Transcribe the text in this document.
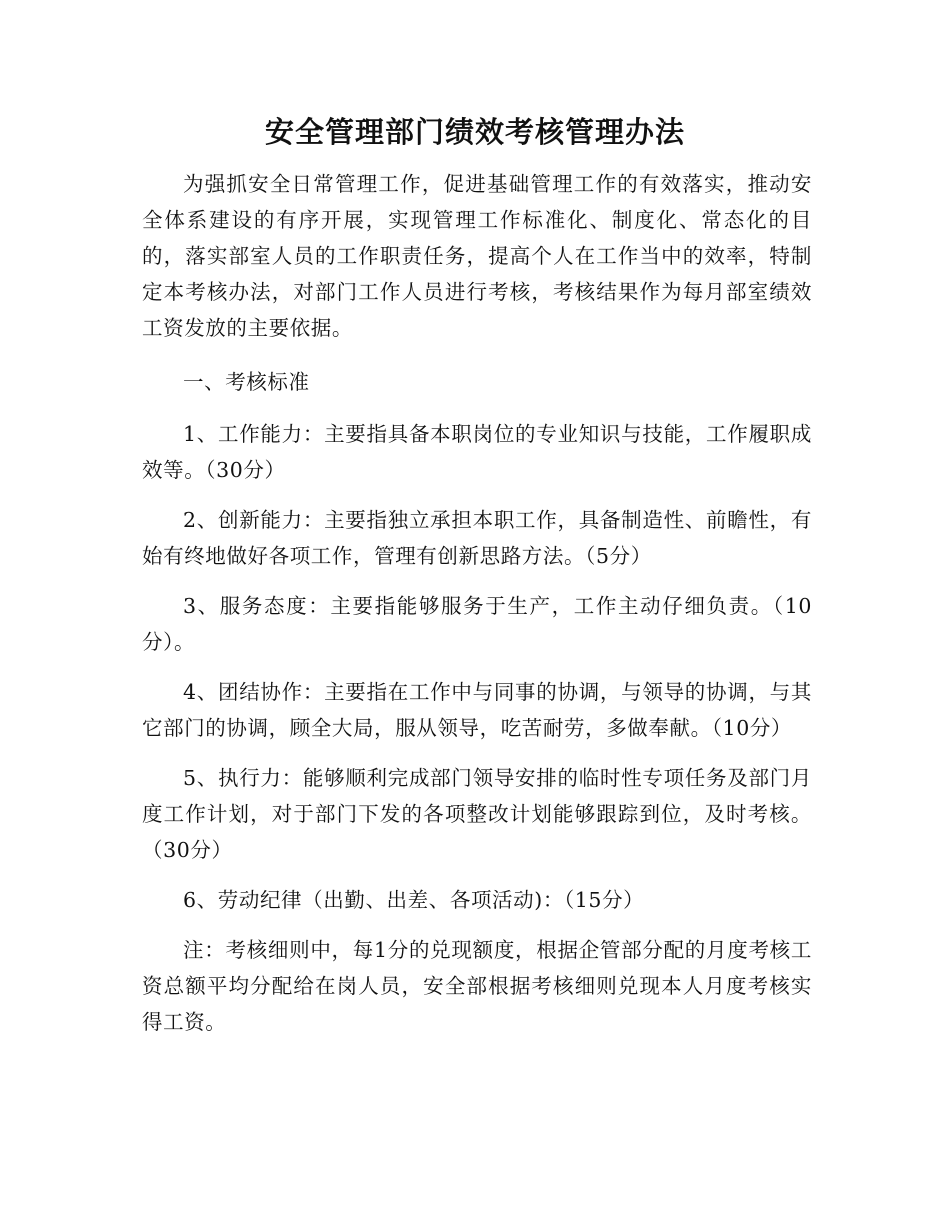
安全管理部门绩效考核管理办法

为强抓安全日常管理工作，促进基础管理工作的有效落实，推动安全体系建设的有序开展，实现管理工作标准化、制度化、常态化的目的，落实部室人员的工作职责任务，提高个人在工作当中的效率，特制定本考核办法，对部门工作人员进行考核，考核结果作为每月部室绩效工资发放的主要依据。

一、考核标准

1、工作能力：主要指具备本职岗位的专业知识与技能，工作履职成效等。（30分）

2、创新能力：主要指独立承担本职工作，具备制造性、前瞻性，有始有终地做好各项工作，管理有创新思路方法。（5分）

3、服务态度：主要指能够服务于生产，工作主动仔细负责。（10分）。

4、团结协作：主要指在工作中与同事的协调，与领导的协调，与其它部门的协调，顾全大局，服从领导，吃苦耐劳，多做奉献。（10分）

5、执行力：能够顺利完成部门领导安排的临时性专项任务及部门月度工作计划，对于部门下发的各项整改计划能够跟踪到位，及时考核。（30分）

6、劳动纪律（出勤、出差、各项活动)：（15分）

注：考核细则中，每1分的兑现额度，根据企管部分配的月度考核工资总额平均分配给在岗人员，安全部根据考核细则兑现本人月度考核实得工资。
